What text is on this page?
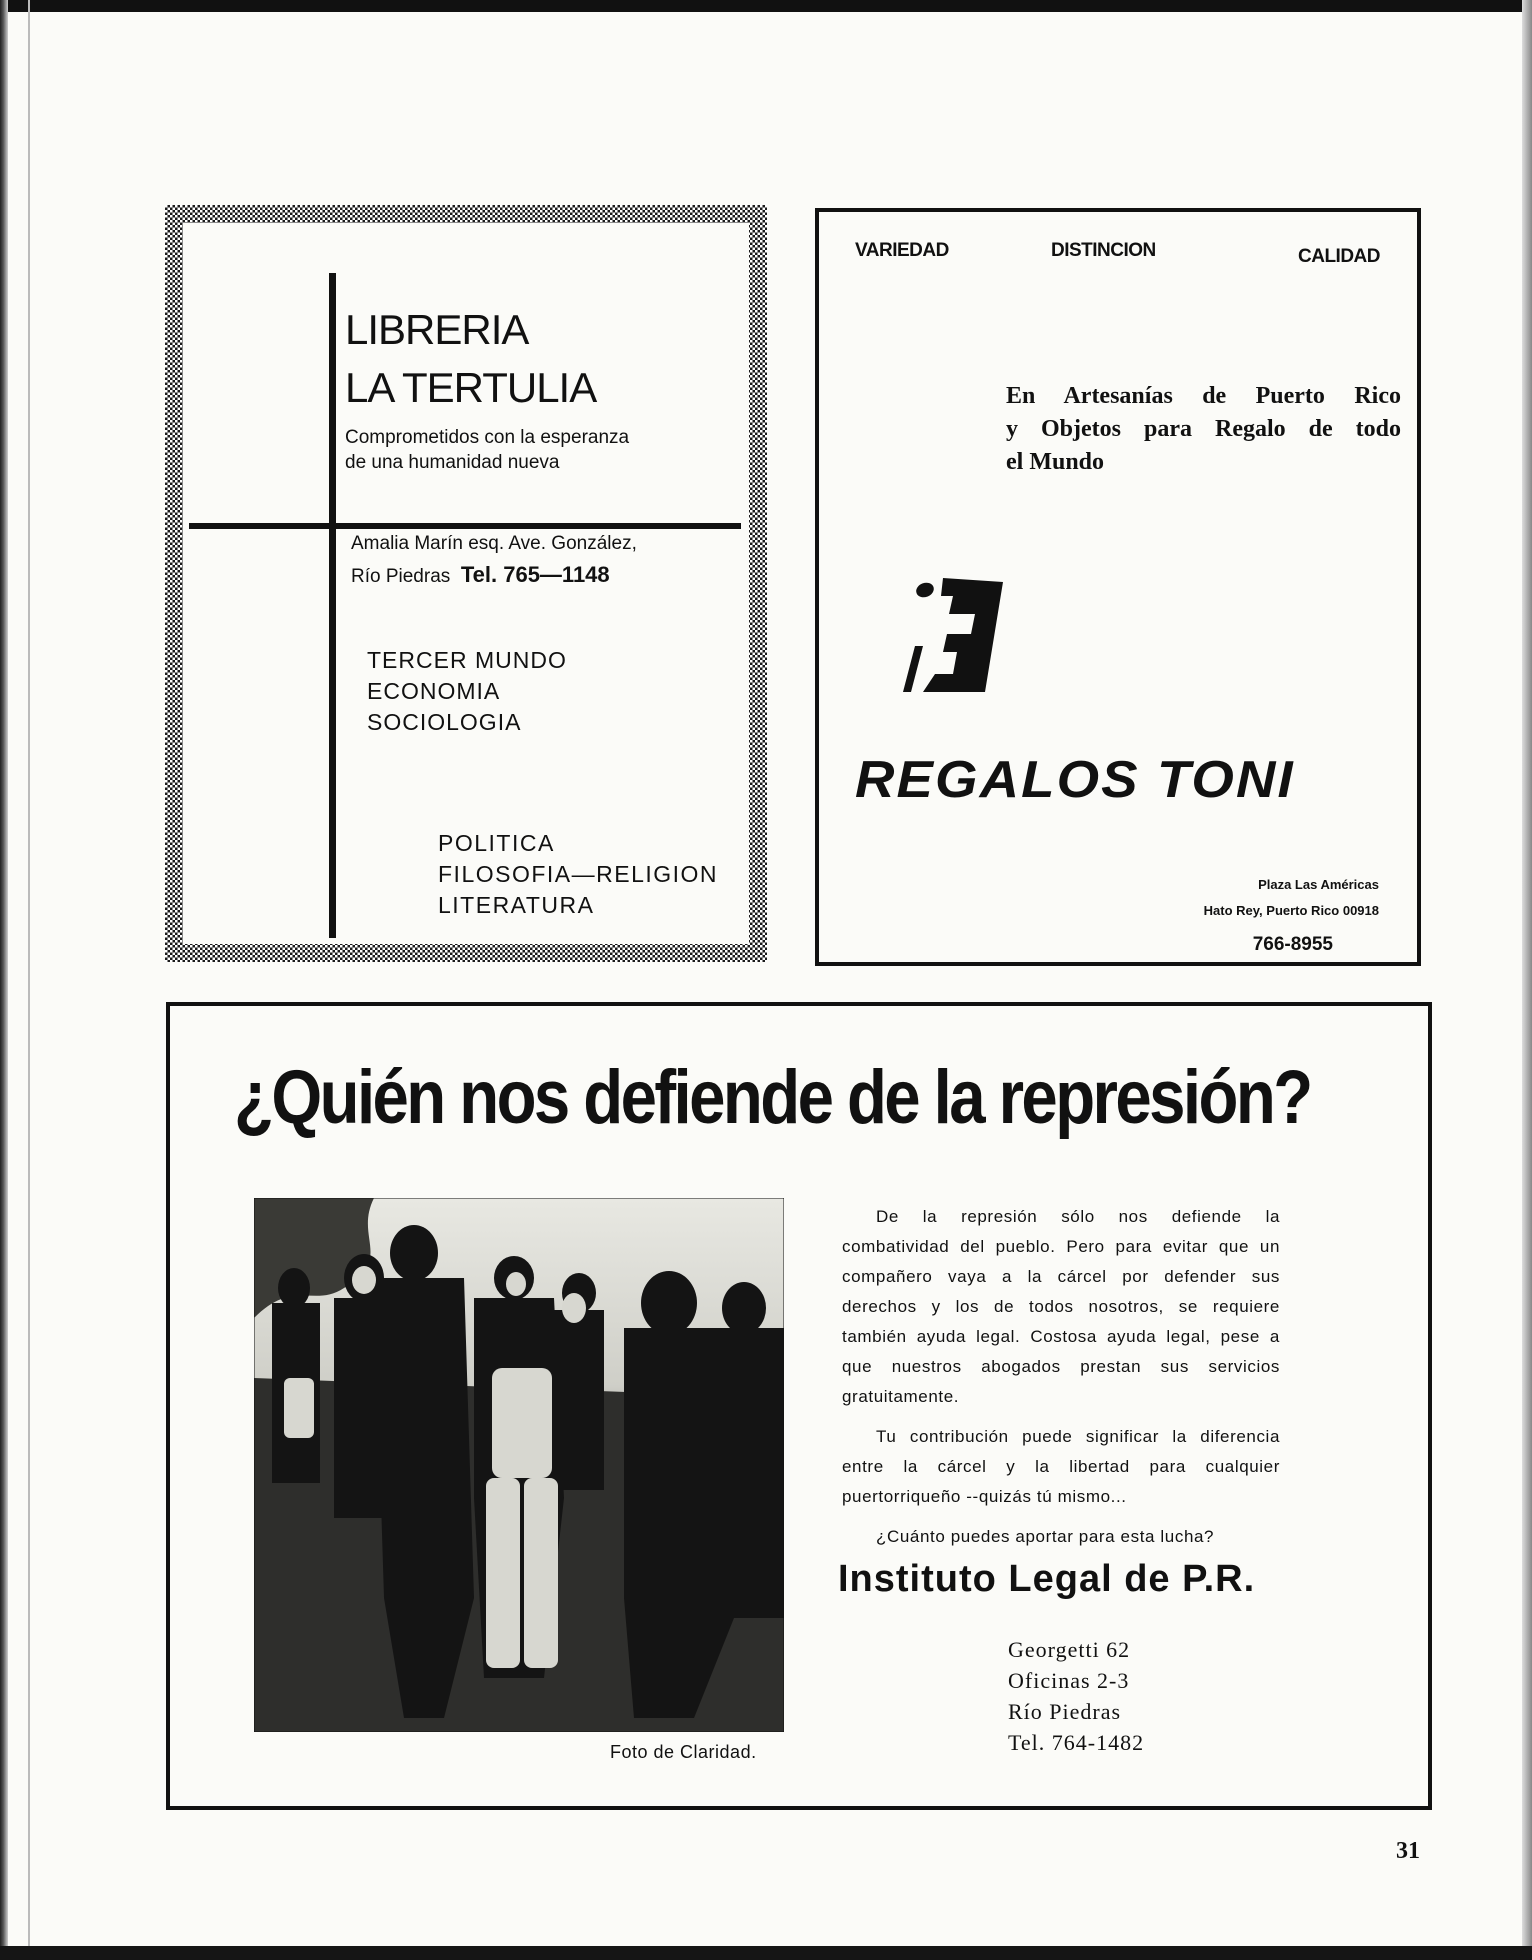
LIBRERIA
LA TERTULIA
Comprometidos con la esperanza
de una humanidad nueva
Amalia Marín esq. Ave. González,
Río Piedras Tel. 765—1148
TERCER MUNDO
ECONOMIA
SOCIOLOGIA
POLITICA
FILOSOFIA—RELIGION
LITERATURA
VARIEDAD	DISTINCION	CALIDAD
En Artesanías de Puerto Rico
y Objetos para Regalo de todo
el Mundo
REGALOS TONI
Plaza Las Américas
Hato Rey, Puerto Rico 00918
766-8955
¿Quién nos defiende de la represión?
Foto de Claridad.

De la represión sólo nos defiende la combatividad del pueblo. Pero para evitar que un compañero vaya a la cárcel por defender sus derechos y los de todos nosotros, se requiere también ayuda legal. Costosa ayuda legal, pese a que nuestros abogados prestan sus servicios gratuitamente.

Tu contribución puede significar la diferencia entre la cárcel y la libertad para cualquier puertorriqueño --quizás tú mismo...

¿Cuánto puedes aportar para esta lucha?

Instituto Legal de P.R.
Georgetti 62
Oficinas 2-3
Río Piedras
Tel. 764-1482
31
